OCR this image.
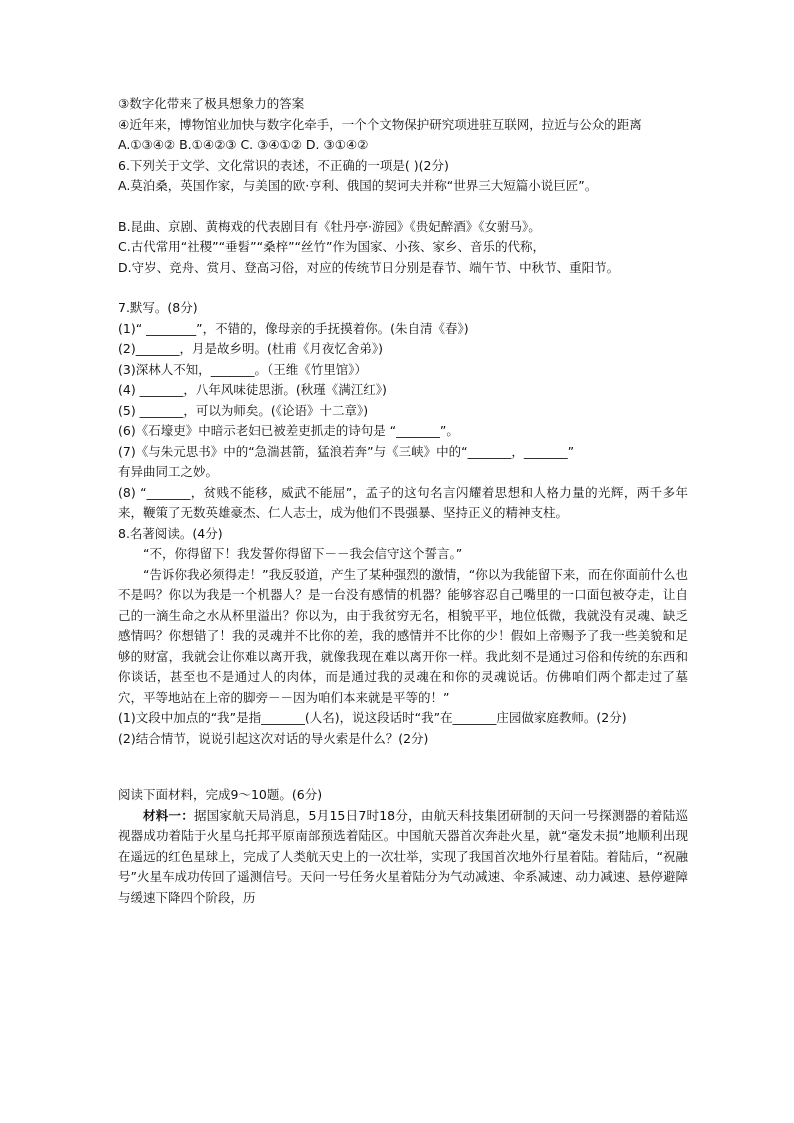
③数字化带来了极具想象力的答案

④近年来，博物馆业加快与数字化牵手，一个个文物保护研究项进驻互联网，拉近与公众的距离

A.①③④② B.①④②③ C. ③④①② D. ③①④②

6.下列关于文学、文化常识的表述，不正确的一项是( )(2分)

A.莫泊桑，英国作家，与美国的欧·亨利、俄国的契诃夫并称“世界三大短篇小说巨匠”。

B.昆曲、京剧、黄梅戏的代表剧目有《牡丹亭·游园》《贵妃醉酒》《女驸马》。

C.古代常用“社稷”“垂髫”“桑梓”“丝竹”作为国家、小孩、家乡、音乐的代称，

D.守岁、竞舟、赏月、登高习俗，对应的传统节日分别是春节、端午节、中秋节、重阳节。

7.默写。(8分)

(1)“ ________”，不错的，像母亲的手抚摸着你。(朱自清《春》)

(2)_______，月是故乡明。(杜甫《月夜忆舍弟》)

(3)深林人不知，_______。（王维《竹里馆》）

(4) _______，八年风味徒思浙。(秋瑾《满江红》)

(5) _______，可以为师矣。(《论语》十二章》)

(6)《石壕吏》中暗示老妇已被差吏抓走的诗句是 “_______”。

(7)《与朱元思书》中的“急湍甚箭，猛浪若奔”与《三峡》中的“_______，_______”

有异曲同工之妙。

(8) “_______，贫贱不能移，威武不能屈”，孟子的这句名言闪耀着思想和人格力量的光辉，两千多年来，鞭策了无数英雄豪杰、仁人志士，成为他们不畏强暴、坚持正义的精神支柱。

8.名著阅读。(4分)

“不，你得留下！我发誓你得留下－－我会信守这个誓言。”

“告诉你我必须得走！”我反驳道，产生了某种强烈的激情，“你以为我能留下来，而在你面前什么也不是吗？你以为我是一个机器人？是一台没有感情的机器？能够容忍自己嘴里的一口面包被夺走，让自己的一滴生命之水从杯里溢出？你以为，由于我贫穷无名，相貌平平，地位低微，我就没有灵魂、缺乏感情吗？你想错了！我的灵魂并不比你的差，我的感情并不比你的少！假如上帝赐予了我一些美貌和足够的财富，我就会让你难以离开我，就像我现在难以离开你一样。我此刻不是通过习俗和传统的东西和你谈话，甚至也不是通过人的肉体，而是通过我的灵魂在和你的灵魂说话。仿佛咱们两个都走过了墓穴，平等地站在上帝的脚旁－－因为咱们本来就是平等的！”

(1)文段中加点的“我”是指_______(人名)，说这段话时“我”在_______庄园做家庭教师。(2分)

(2)结合情节，说说引起这次对话的导火索是什么？(2分)

阅读下面材料，完成9～10题。(6分)

材料一：据国家航天局消息，5月15日7时18分，由航天科技集团研制的天问一号探测器的着陆巡视器成功着陆于火星乌托邦平原南部预选着陆区。中国航天器首次奔赴火星，就“毫发未损”地顺利出现在遥远的红色星球上，完成了人类航天史上的一次壮举，实现了我国首次地外行星着陆。着陆后，“祝融号”火星车成功传回了遥测信号。天问一号任务火星着陆分为气动减速、伞系减速、动力减速、悬停避障与缓速下降四个阶段，历
